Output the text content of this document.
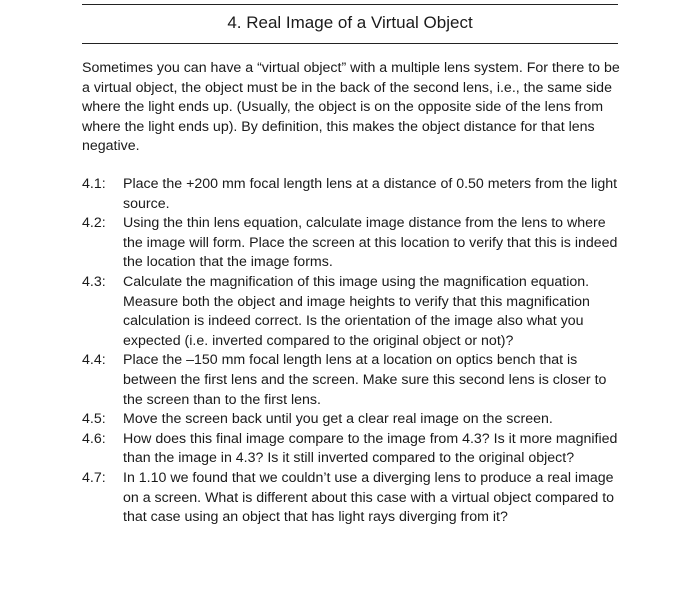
4. Real Image of a Virtual Object

Sometimes you can have a “virtual object” with a multiple lens system. For there to be a virtual object, the object must be in the back of the second lens, i.e., the same side where the light ends up. (Usually, the object is on the opposite side of the lens from where the light ends up). By definition, this makes the object distance for that lens negative.

4.1:	Place the +200 mm focal length lens at a distance of 0.50 meters from the light source.
4.2:	Using the thin lens equation, calculate image distance from the lens to where the image will form. Place the screen at this location to verify that this is indeed the location that the image forms.
4.3:	Calculate the magnification of this image using the magnification equation. Measure both the object and image heights to verify that this magnification calculation is indeed correct. Is the orientation of the image also what you expected (i.e. inverted compared to the original object or not)?
4.4:	Place the –150 mm focal length lens at a location on optics bench that is between the first lens and the screen. Make sure this second lens is closer to the screen than to the first lens.
4.5:	Move the screen back until you get a clear real image on the screen.
4.6:	How does this final image compare to the image from 4.3? Is it more magnified than the image in 4.3? Is it still inverted compared to the original object?
4.7:	In 1.10 we found that we couldn’t use a diverging lens to produce a real image on a screen. What is different about this case with a virtual object compared to that case using an object that has light rays diverging from it?
